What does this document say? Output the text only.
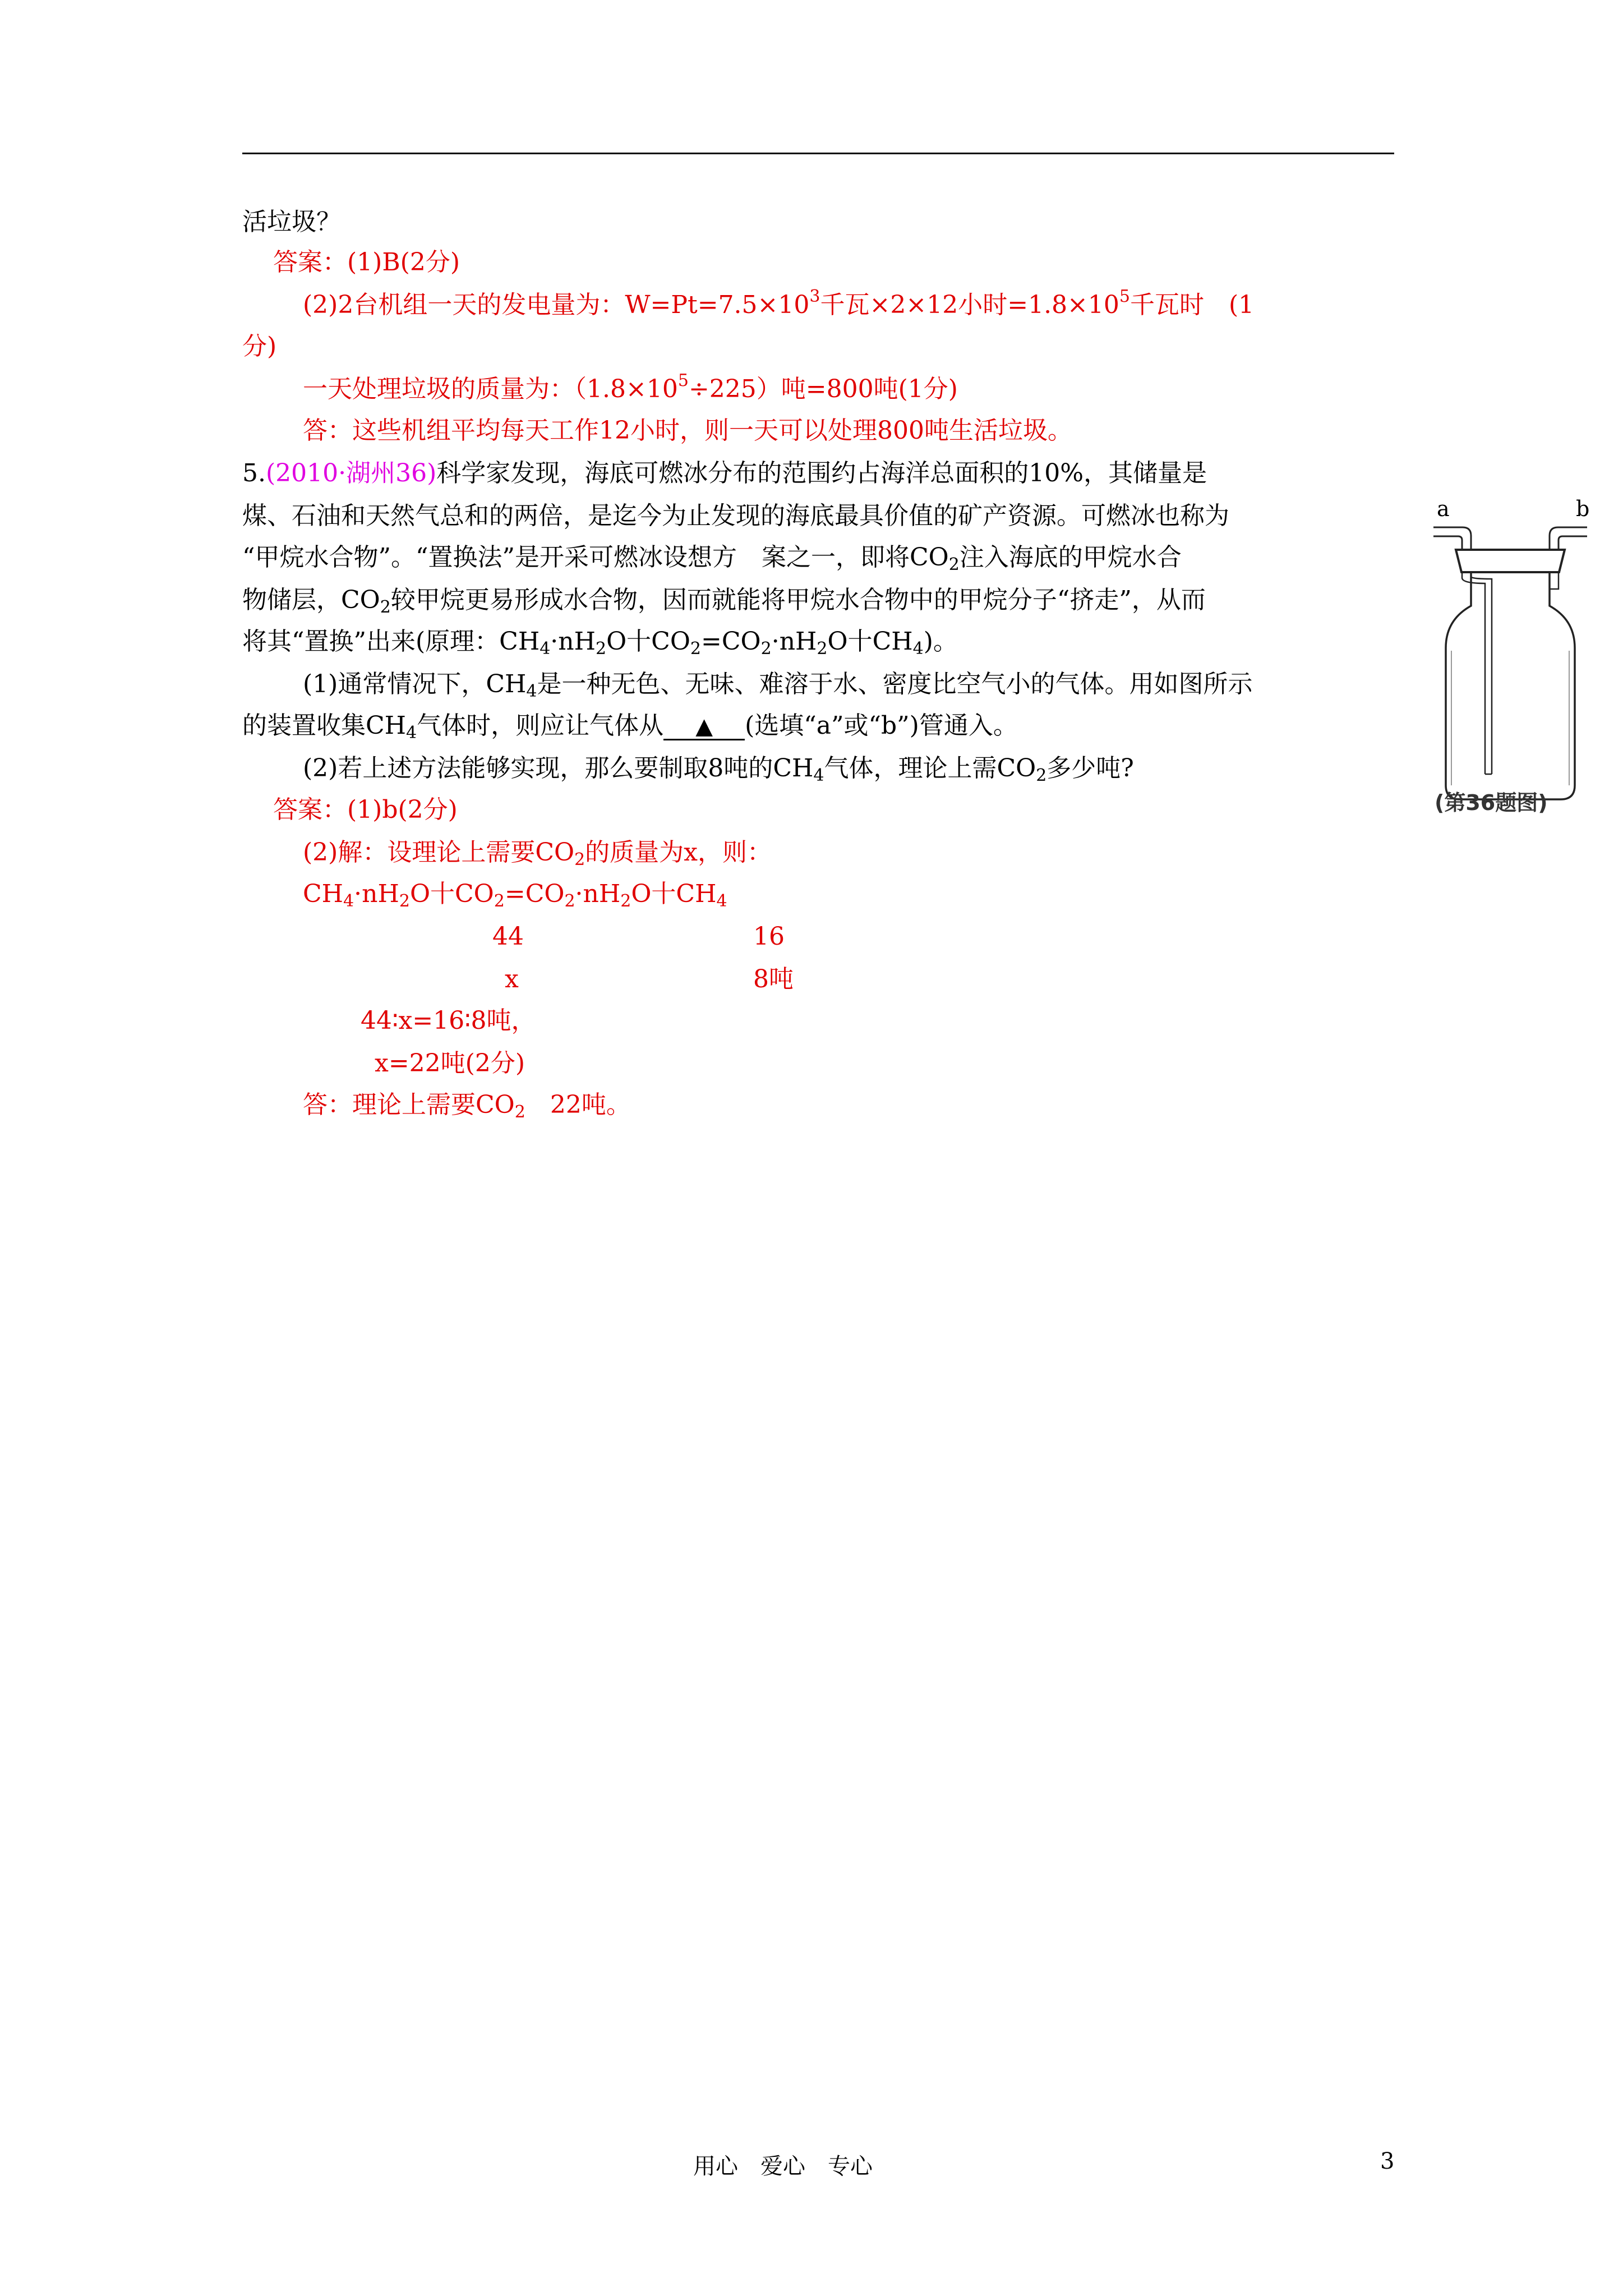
活垃圾？
答案：(1)B(2分)
(2)2台机组一天的发电量为：$W=Pt=7.5\times 10^3$千瓦×2×12小时$=1.8\times 10^5$千瓦时　(1
分)
一天处理垃圾的质量为：$(1.8\times 10^5\div 225)$吨=800吨(1分)
答：这些机组平均每天工作12小时，则一天可以处理800吨生活垃圾。
5.(2010·湖州36)科学家发现，海底可燃冰分布的范围约占海洋总面积的10%，其储量是
煤、石油和天然气总和的两倍，是迄今为止发现的海底最具价值的矿产资源。可燃冰也称为
“甲烷水合物”。“置换法”是开采可燃冰设想方　案之一，即将$CO_2$注入海底的甲烷水合
物储层，$CO_2$较甲烷更易形成水合物，因而就能将甲烷水合物中的甲烷分子“挤走”，从而
将其“置换”出来(原理：$CH_4\cdot nH_2O$十$CO_2=CO_2\cdot nH_2O$十$CH_4$)。
(1)通常情况下，$CH_4$是一种无色、无味、难溶于水、密度比空气小的气体。用如图所示
的装置收集$CH_4$气体时，则应让气体从 ▲ (选填“a”或“b”)管通入。
(2)若上述方法能够实现，那么要制取8吨的$CH_4$气体，理论上需$CO_2$多少吨?
答案：(1)b(2分)
(2)解：设理论上需要$CO_2$的质量为x，则：
$CH_4\cdot nH_2O$十$CO_2=CO_2\cdot nH_2O$十$CH_4$
44	16
x	8吨
44∶x=16∶8吨，
x=22吨(2分)
答：理论上需要$CO_2$　22吨。
a	b
(第36题图)
用心　爱心　专心	3
